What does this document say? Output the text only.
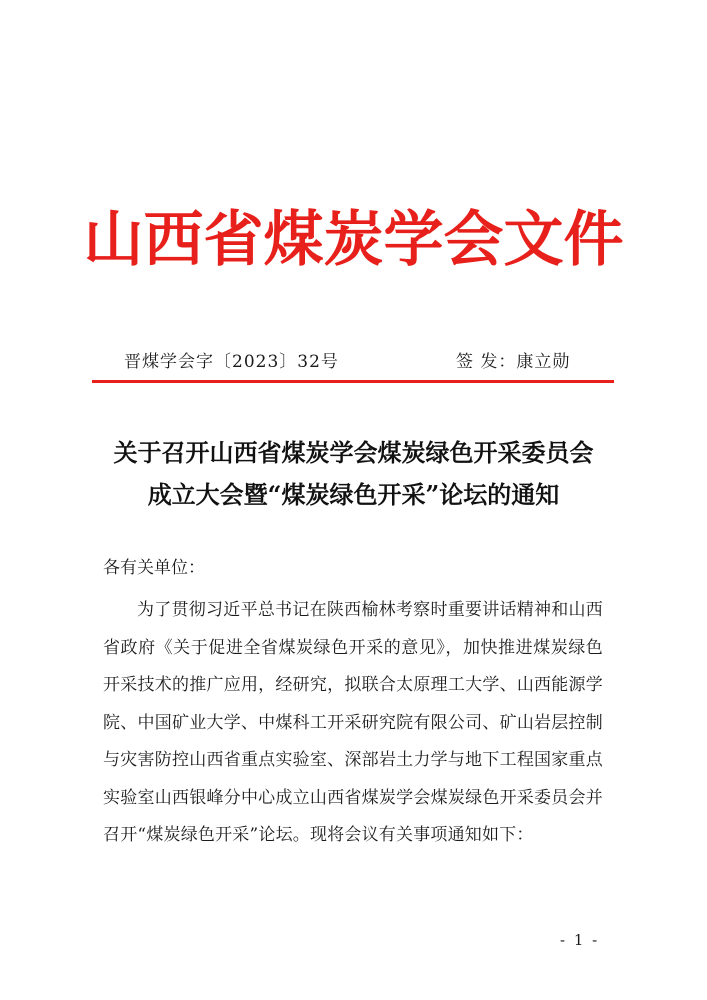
山西省煤炭学会文件
晋煤学会字〔2023〕32号	签 发：康立勋
关于召开山西省煤炭学会煤炭绿色开采委员会
成立大会暨“煤炭绿色开采”论坛的通知
各有关单位：
为了贯彻习近平总书记在陕西榆林考察时重要讲话精神和山西省政府《关于促进全省煤炭绿色开采的意见》，加快推进煤炭绿色开采技术的推广应用，经研究，拟联合太原理工大学、山西能源学院、中国矿业大学、中煤科工开采研究院有限公司、矿山岩层控制与灾害防控山西省重点实验室、深部岩土力学与地下工程国家重点实验室山西银峰分中心成立山西省煤炭学会煤炭绿色开采委员会并召开“煤炭绿色开采”论坛。现将会议有关事项通知如下：
- 1 -
